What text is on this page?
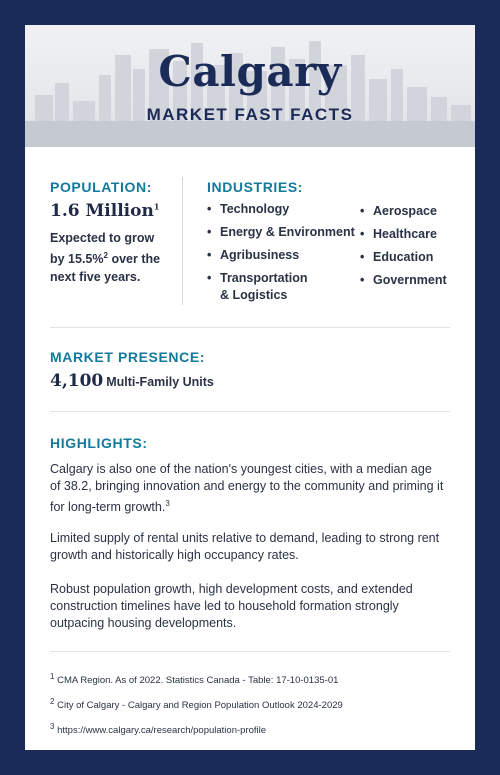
Calgary
MARKET FAST FACTS
POPULATION:
1.6 Million$^1$
Expected to grow
by 15.5%$^2$ over the
next five years.
INDUSTRIES:
• Technology
• Energy & Environment
• Agribusiness
• Transportation
& Logistics
• Aerospace
• Healthcare
• Education
• Government
MARKET PRESENCE:
4,100 Multi-Family Units
HIGHLIGHTS:
Calgary is also one of the nation's youngest cities, with a median age of 38.2, bringing innovation and energy to the community and priming it for long-term growth.$^3$
Limited supply of rental units relative to demand, leading to strong rent growth and historically high occupancy rates.
Robust population growth, high development costs, and extended construction timelines have led to household formation strongly outpacing housing developments.
$^1$ CMA Region. As of 2022. Statistics Canada - Table: 17-10-0135-01
$^2$ City of Calgary - Calgary and Region Population Outlook 2024-2029
$^3$ https://www.calgary.ca/research/population-profile
